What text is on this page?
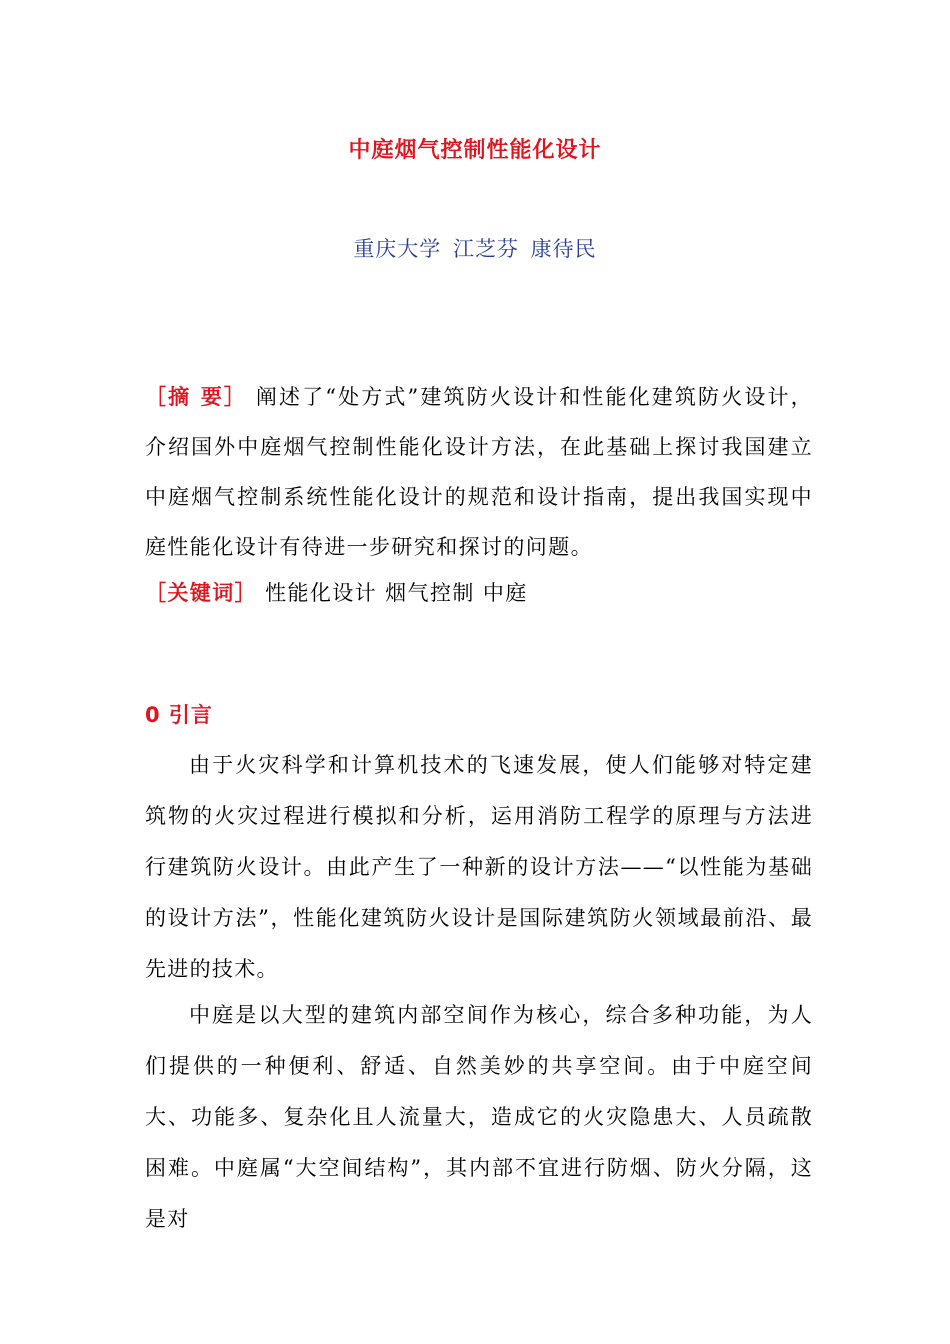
中庭烟气控制性能化设计
重庆大学 江芝芬 康待民
［摘 要］ 阐述了“处方式”建筑防火设计和性能化建筑防火设计，介绍国外中庭烟气控制性能化设计方法，在此基础上探讨我国建立中庭烟气控制系统性能化设计的规范和设计指南，提出我国实现中庭性能化设计有待进一步研究和探讨的问题。
［关键词］ 性能化设计 烟气控制 中庭
0 引言

由于火灾科学和计算机技术的飞速发展，使人们能够对特定建筑物的火灾过程进行模拟和分析，运用消防工程学的原理与方法进行建筑防火设计。由此产生了一种新的设计方法——“以性能为基础的设计方法”，性能化建筑防火设计是国际建筑防火领域最前沿、最先进的技术。

中庭是以大型的建筑内部空间作为核心，综合多种功能，为人们提供的一种便利、舒适、自然美妙的共享空间。由于中庭空间大、功能多、复杂化且人流量大，造成它的火灾隐患大、人员疏散困难。中庭属“大空间结构”，其内部不宜进行防烟、防火分隔，这是对
